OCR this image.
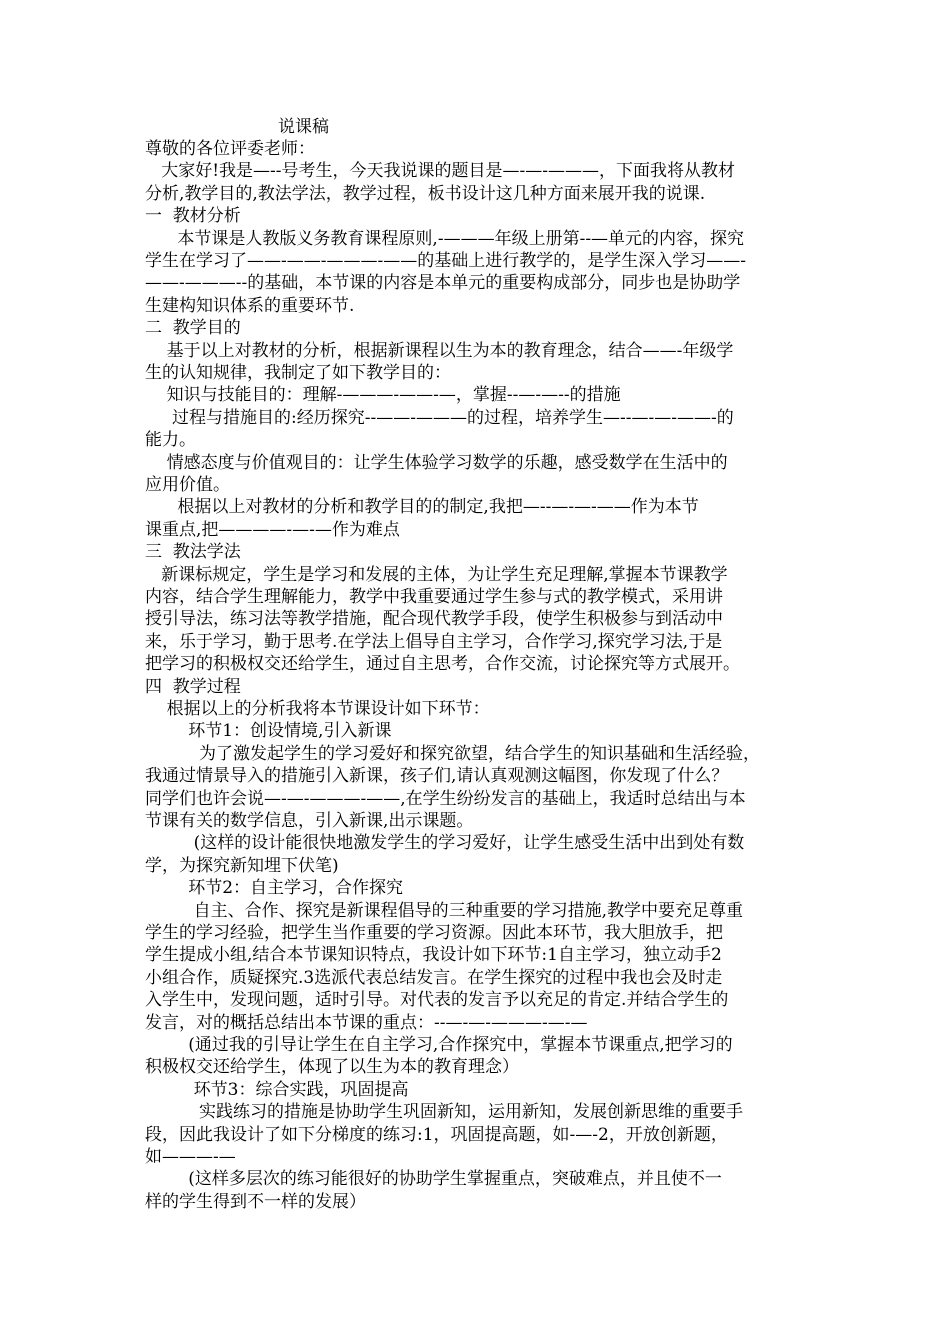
说课稿
尊敬的各位评委老师：
大家好!我是—--号考生，今天我说课的题目是—-—-———，下面我将从教材
分析,教学目的,教法学法，教学过程，板书设计这几种方面来展开我的说课.
一  教材分析
本节课是人教版义务教育课程原则,-———年级上册第--—单元的内容，探究
学生在学习了——-——-———-——的基础上进行教学的，是学生深入学习——-
——-———--的基础，本节课的内容是本单元的重要构成部分，同步也是协助学
生建构知识体系的重要环节.
二  教学目的
基于以上对教材的分析，根据新课程以生为本的教育理念，结合——-年级学
生的认知规律，我制定了如下教学目的：
知识与技能目的：理解-———-——-—，掌握--—-—--的措施
过程与措施目的:经历探究--——-———的过程，培养学生—--—-—-——-的
能力。
情感态度与价值观目的：让学生体验学习数学的乐趣，感受数学在生活中的
应用价值。
根据以上对教材的分析和教学目的的制定,我把—--—-—-——作为本节
课重点,把————-—-—作为难点
三  教法学法
新课标规定，学生是学习和发展的主体，为让学生充足理解,掌握本节课教学
内容，结合学生理解能力，教学中我重要通过学生参与式的教学模式，采用讲
授引导法，练习法等教学措施，配合现代教学手段，使学生积极参与到活动中
来，乐于学习，勤于思考.在学法上倡导自主学习，合作学习,探究学习法,于是
把学习的积极权交还给学生，通过自主思考，合作交流，讨论探究等方式展开。
四  教学过程
根据以上的分析我将本节课设计如下环节：
环节1：创设情境,引入新课
为了激发起学生的学习爱好和探究欲望，结合学生的知识基础和生活经验，
我通过情景导入的措施引入新课，孩子们,请认真观测这幅图，你发现了什么？
同学们也许会说—-—-———-——,在学生纷纷发言的基础上，我适时总结出与本
节课有关的数学信息，引入新课,出示课题。
(这样的设计能很快地激发学生的学习爱好，让学生感受生活中出到处有数
学，为探究新知埋下伏笔)
环节2：自主学习，合作探究
自主、合作、探究是新课程倡导的三种重要的学习措施,教学中要充足尊重
学生的学习经验，把学生当作重要的学习资源。因此本环节，我大胆放手，把
学生提成小组,结合本节课知识特点，我设计如下环节:1自主学习，独立动手2
小组合作，质疑探究.3选派代表总结发言。在学生探究的过程中我也会及时走
入学生中，发现问题，适时引导。对代表的发言予以充足的肯定.并结合学生的
发言，对的概括总结出本节课的重点：--—-—-———-—-—
(通过我的引导让学生在自主学习,合作探究中，掌握本节课重点,把学习的
积极权交还给学生，体现了以生为本的教育理念）
环节3：综合实践，巩固提高
实践练习的措施是协助学生巩固新知，运用新知，发展创新思维的重要手
段，因此我设计了如下分梯度的练习:1，巩固提高题，如-—-2，开放创新题，
如———-—
(这样多层次的练习能很好的协助学生掌握重点，突破难点，并且使不一
样的学生得到不一样的发展）
